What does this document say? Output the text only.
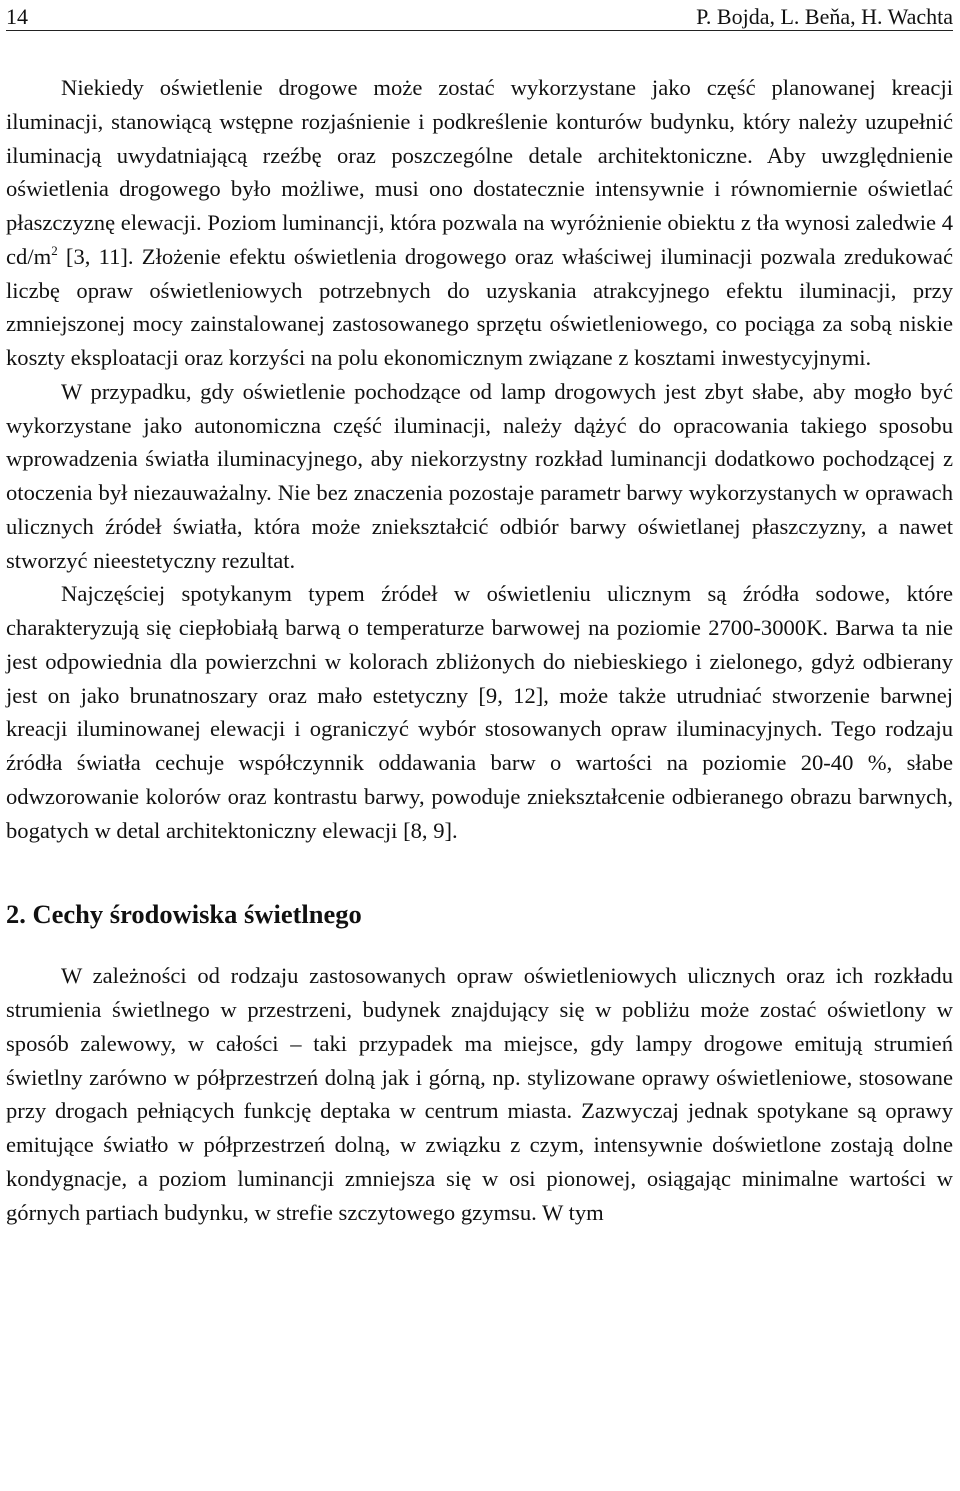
14	P. Bojda, L. Beňa, H. Wachta

Niekiedy oświetlenie drogowe może zostać wykorzystane jako część planowanej kreacji iluminacji, stanowiącą wstępne rozjaśnienie i podkreślenie konturów budynku, który należy uzupełnić iluminacją uwydatniającą rzeźbę oraz poszczególne detale architektoniczne. Aby uwzględnienie oświetlenia drogowego było możliwe, musi ono dostatecznie intensywnie i równomiernie oświetlać płaszczyznę elewacji. Poziom luminancji, która pozwala na wyróżnienie obiektu z tła wynosi zaledwie 4 $cd/m^2$ [3, 11]. Złożenie efektu oświetlenia drogowego oraz właściwej iluminacji pozwala zredukować liczbę opraw oświetleniowych potrzebnych do uzyskania atrakcyjnego efektu iluminacji, przy zmniejszonej mocy zainstalowanej zastosowanego sprzętu oświetleniowego, co pociąga za sobą niskie koszty eksploatacji oraz korzyści na polu ekonomicznym związane z kosztami inwestycyjnymi.

W przypadku, gdy oświetlenie pochodzące od lamp drogowych jest zbyt słabe, aby mogło być wykorzystane jako autonomiczna część iluminacji, należy dążyć do opracowania takiego sposobu wprowadzenia światła iluminacyjnego, aby niekorzystny rozkład luminancji dodatkowo pochodzącej z otoczenia był niezauważalny. Nie bez znaczenia pozostaje parametr barwy wykorzystanych w oprawach ulicznych źródeł światła, która może zniekształcić odbiór barwy oświetlanej płaszczyzny, a nawet stworzyć nieestetyczny rezultat.

Najczęściej spotykanym typem źródeł w oświetleniu ulicznym są źródła sodowe, które charakteryzują się ciepłobiałą barwą o temperaturze barwowej na poziomie 2700-3000K. Barwa ta nie jest odpowiednia dla powierzchni w kolorach zbliżonych do niebieskiego i zielonego, gdyż odbierany jest on jako brunatnoszary oraz mało estetyczny [9, 12], może także utrudniać stworzenie barwnej kreacji iluminowanej elewacji i ograniczyć wybór stosowanych opraw iluminacyjnych. Tego rodzaju źródła światła cechuje współczynnik oddawania barw o wartości na poziomie 20-40 %, słabe odwzorowanie kolorów oraz kontrastu barwy, powoduje zniekształcenie odbieranego obrazu barwnych, bogatych w detal architektoniczny elewacji [8, 9].

2. Cechy środowiska świetlnego

W zależności od rodzaju zastosowanych opraw oświetleniowych ulicznych oraz ich rozkładu strumienia świetlnego w przestrzeni, budynek znajdujący się w pobliżu może zostać oświetlony w sposób zalewowy, w całości – taki przypadek ma miejsce, gdy lampy drogowe emitują strumień świetlny zarówno w półprzestrzeń dolną jak i górną, np. stylizowane oprawy oświetleniowe, stosowane przy drogach pełniących funkcję deptaka w centrum miasta. Zazwyczaj jednak spotykane są oprawy emitujące światło w półprzestrzeń dolną, w związku z czym, intensywnie doświetlone zostają dolne kondygnacje, a poziom luminancji zmniejsza się w osi pionowej, osiągając minimalne wartości w górnych partiach budynku, w strefie szczytowego gzymsu. W tym
